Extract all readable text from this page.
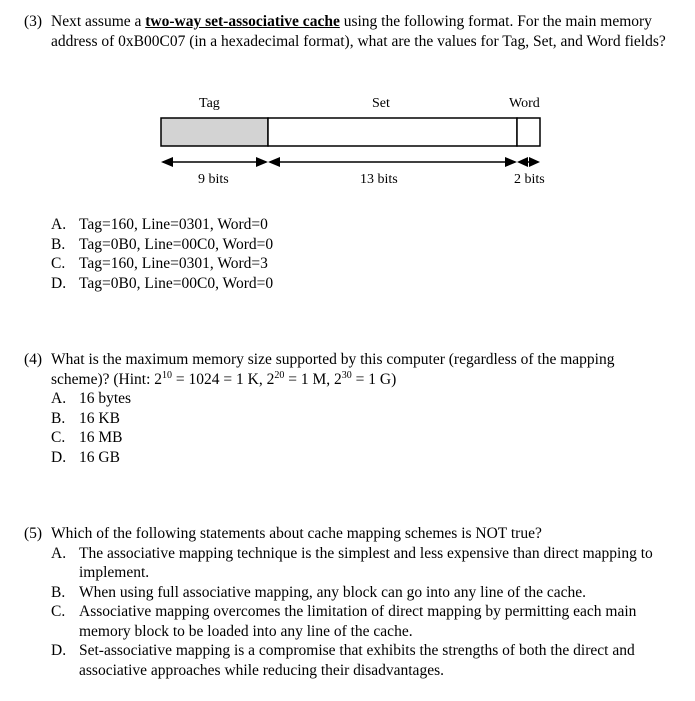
(3) Next assume a two-way set-associative cache using the following format. For the main memory address of 0xB00C07 (in a hexadecimal format), what are the values for Tag, Set, and Word fields?
Tag	Set	Word
9 bits	13 bits	2 bits
A. Tag=160, Line=0301, Word=0
B. Tag=0B0, Line=00C0, Word=0
C. Tag=160, Line=0301, Word=3
D. Tag=0B0, Line=00C0, Word=0
(4) What is the maximum memory size supported by this computer (regardless of the mapping
scheme)? (Hint: $2^{10} = 1024 = 1$ K, $2^{20} = 1$ M, $2^{30} = 1$ G)
A. 16 bytes
B. 16 KB
C. 16 MB
D. 16 GB
(5) Which of the following statements about cache mapping schemes is NOT true?
A. The associative mapping technique is the simplest and less expensive than direct mapping to implement.
B. When using full associative mapping, any block can go into any line of the cache.
C. Associative mapping overcomes the limitation of direct mapping by permitting each main memory block to be loaded into any line of the cache.
D. Set-associative mapping is a compromise that exhibits the strengths of both the direct and associative approaches while reducing their disadvantages.
